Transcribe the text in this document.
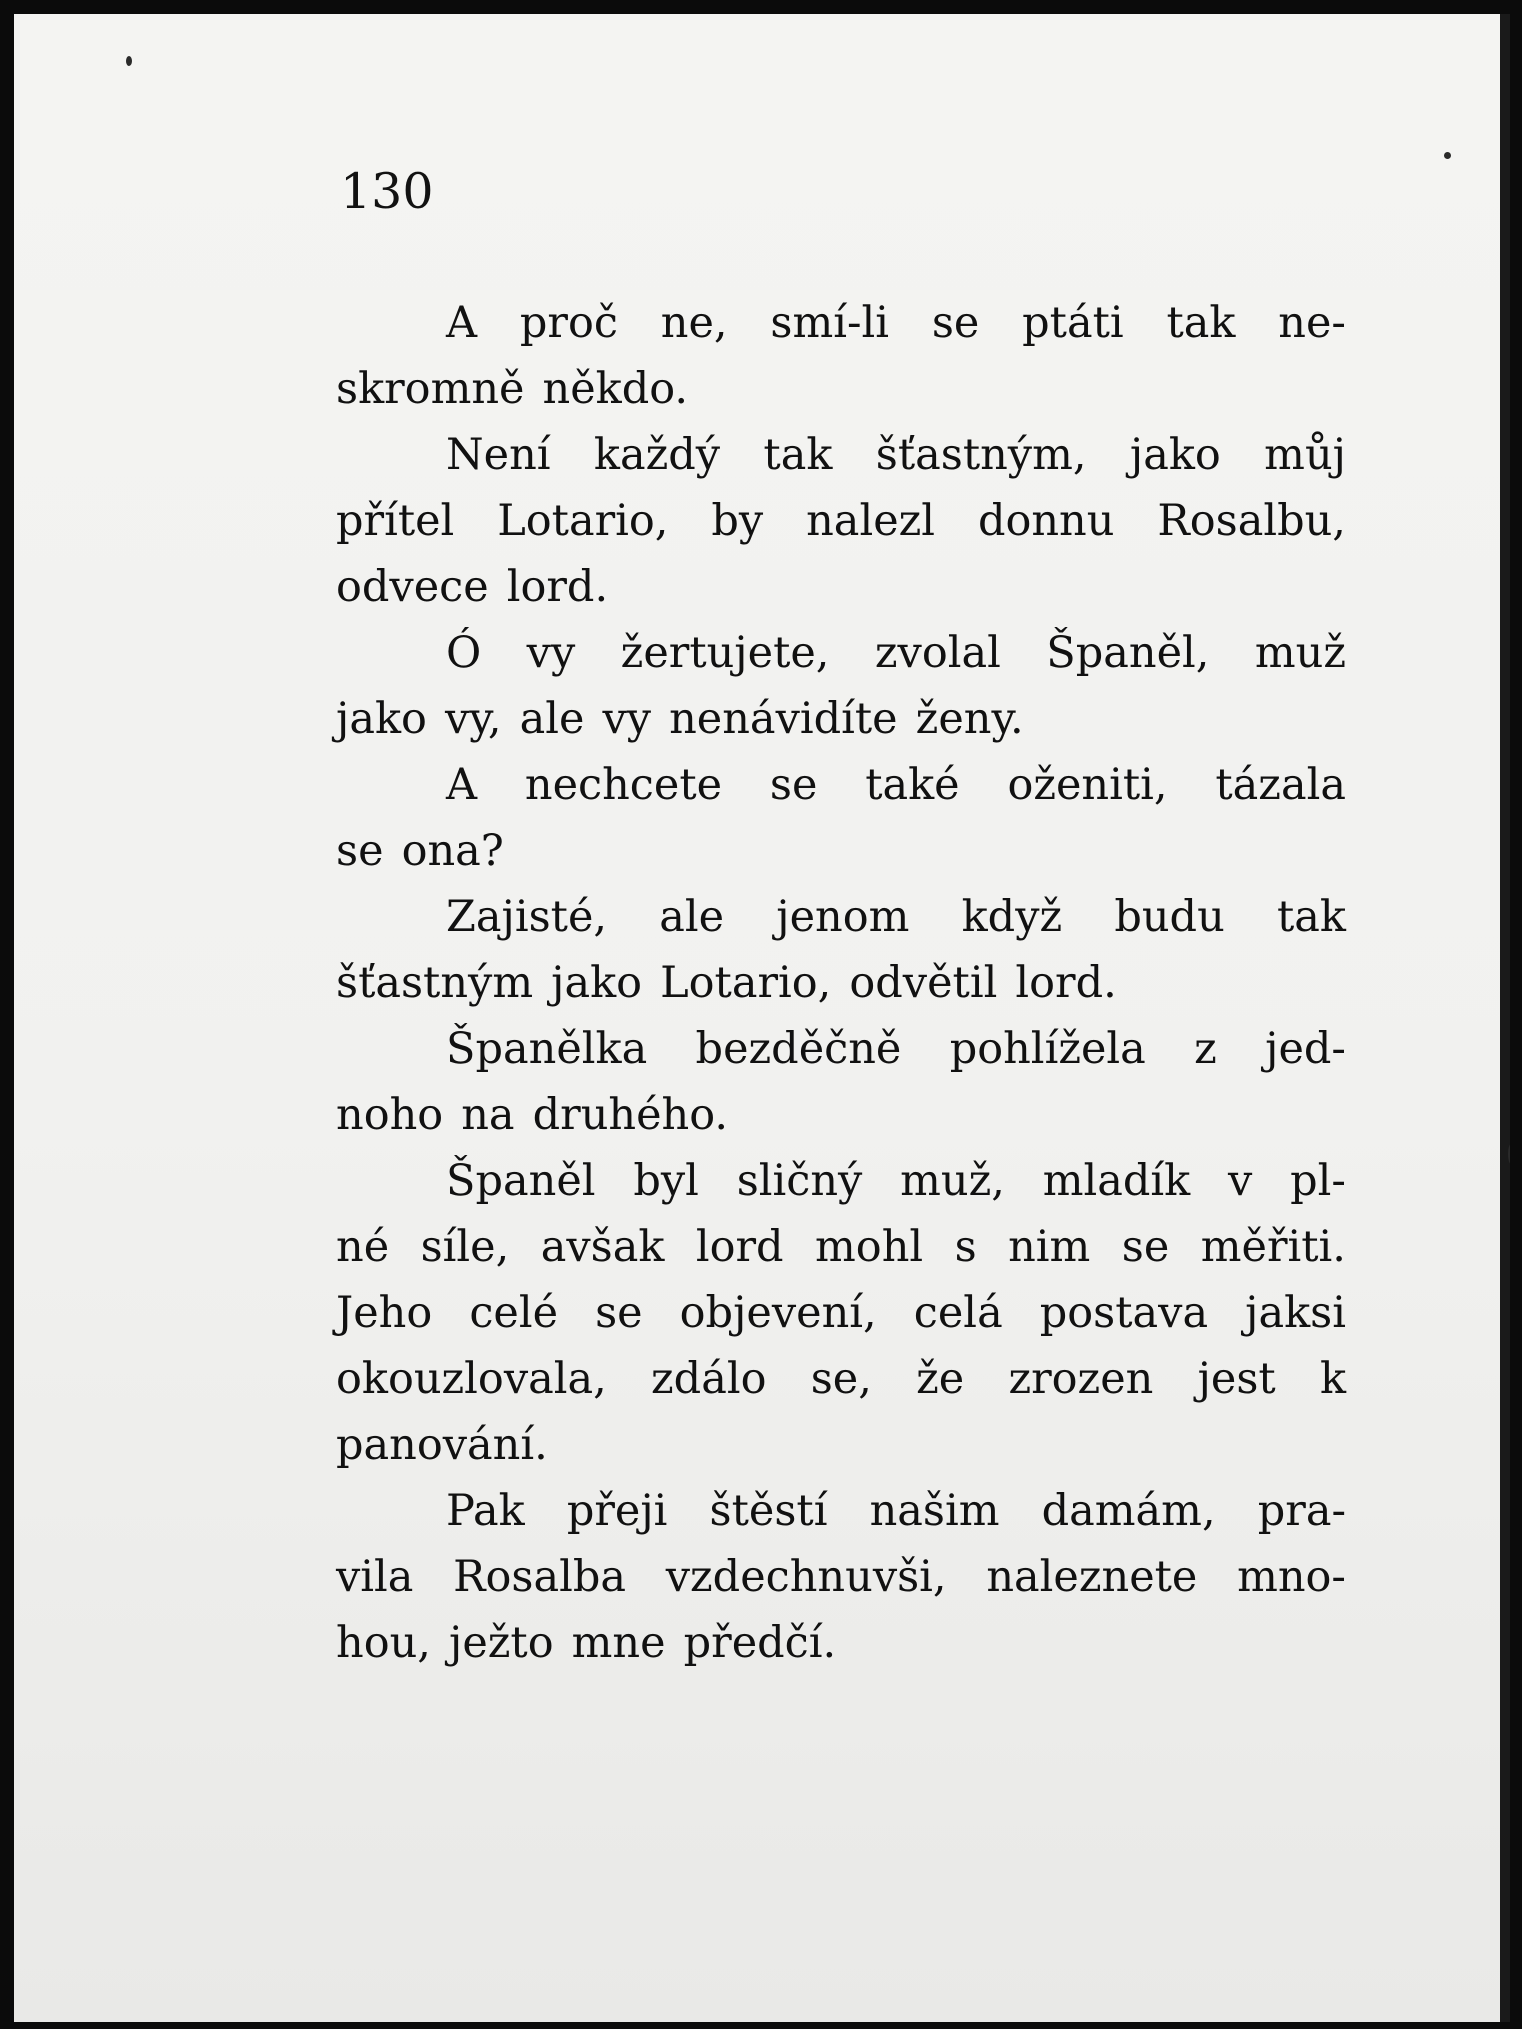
130
A proč ne, smí-li se ptáti tak ne-
skromně někdo.
Není každý tak šťastným, jako můj
přítel Lotario, by nalezl donnu Rosalbu,
odvece lord.
Ó vy žertujete, zvolal Španěl, muž
jako vy, ale vy nenávidíte ženy.
A nechcete se také oženiti, tázala
se ona?
Zajisté, ale jenom když budu tak
šťastným jako Lotario, odvětil lord.
Španělka bezděčně pohlížela z jed-
noho na druhého.
Španěl byl sličný muž, mladík v pl-
né síle, avšak lord mohl s nim se měřiti.
Jeho celé se objevení, celá postava jaksi
okouzlovala, zdálo se, že zrozen jest k
panování.
Pak přeji štěstí našim damám, pra-
vila Rosalba vzdechnuvši, naleznete mno-
hou, ježto mne předčí.
